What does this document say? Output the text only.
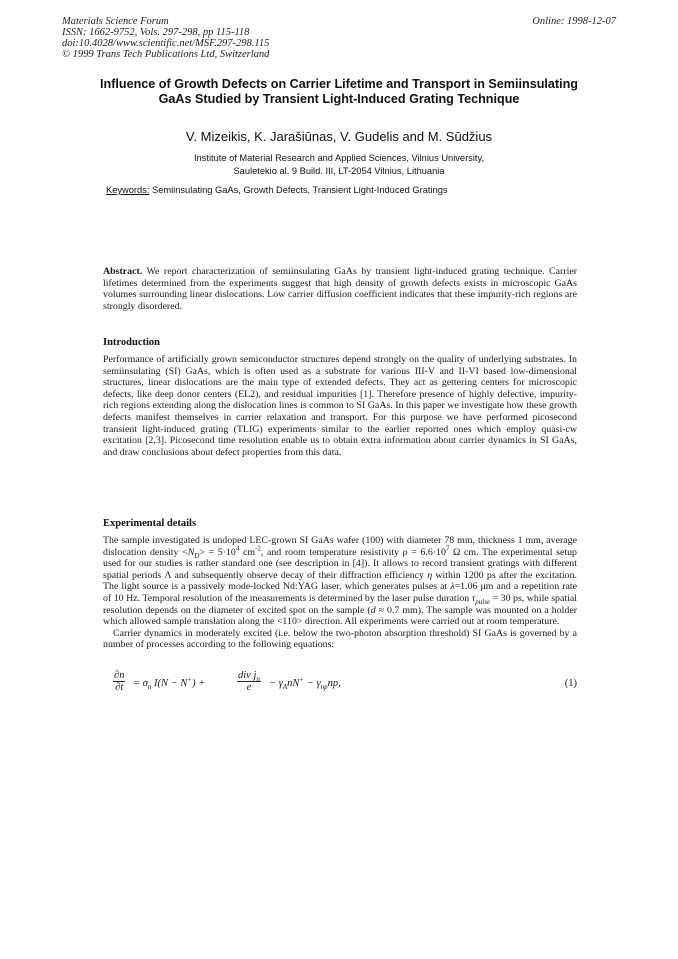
Materials Science Forum
ISSN: 1662-9752, Vols. 297-298, pp 115-118
doi:10.4028/www.scientific.net/MSF.297-298.115
© 1999 Trans Tech Publications Ltd, Switzerland
Online: 1998-12-07
Influence of Growth Defects on Carrier Lifetime and Transport in Semiinsulating GaAs Studied by Transient Light-Induced Grating Technique
V. Mizeikis, K. Jarašiūnas, V. Gudelis and M. Sūdžius
Institute of Material Research and Applied Sciences, Vilnius University,
Sauletekio al. 9 Build. III, LT-2054 Vilnius, Lithuania
Keywords: Semiinsulating GaAs, Growth Defects, Transient Light-Induced Gratings
Abstract. We report characterization of semiinsulating GaAs by transient light-induced grating technique. Carrier lifetimes determined from the experiments suggest that high density of growth defects exists in microscopic GaAs volumes surrounding linear dislocations. Low carrier diffusion coefficient indicates that these impurity-rich regions are strongly disordered.
Introduction
Performance of artificially grown semiconductor structures depend strongly on the quality of underlying substrates. In semiinsulating (SI) GaAs, which is often used as a substrate for various III-V and II-VI based low-dimensional structures, linear dislocations are the main type of extended defects. They act as gettering centers for microscopic defects, like deep donor centers (EL2), and residual impurities [1]. Therefore presence of highly defective, impurity-rich regions extending along the dislocation lines is common to SI GaAs. In this paper we investigate how these growth defects manifest themselves in carrier relaxation and transport. For this purpose we have performed picosecond transient light-induced grating (TLIG) experiments similar to the earlier reported ones which employ quasi-cw excitation [2,3]. Picosecond time resolution enable us to obtain extra information about carrier dynamics in SI GaAs, and draw conclusions about defect properties from this data.
Experimental details
The sample investigated is undoped LEC-grown SI GaAs wafer (100) with diameter 78 mm, thickness 1 mm, average dislocation density $<N_D> = 5\cdot 10^4$ $cm^{-2}$, and room temperature resistivity $\rho = 6.6\cdot 10^7$ Ω cm. The experimental setup used for our studies is rather standard one (see description in [4]). It allows to record transient gratings with different spatial periods Λ and subsequently observe decay of their diffraction efficiency η within 1200 ps after the excitation. The light source is a passively mode-locked Nd:YAG laser, which generates pulses at λ=1.06 μm and a repetition rate of 10 Hz. Temporal resolution of the measurements is determined by the laser pulse duration $\tau_{pulse} = 30$ ps, while spatial resolution depends on the diameter of excited spot on the sample (d ≈ 0.7 mm). The sample was mounted on a holder which allowed sample translation along the <110> direction. All experiments were carried out at room temperature.
Carrier dynamics in moderately excited (i.e. below the two-photon absorption threshold) SI GaAs is governed by a number of processes according to the following equations:
$\frac{\partial n}{\partial t} = \sigma_n$ I(N − N+) +
div $j_n$
e	− $\gamma_AnN^+ - \gamma_{np}np$,	(1)
